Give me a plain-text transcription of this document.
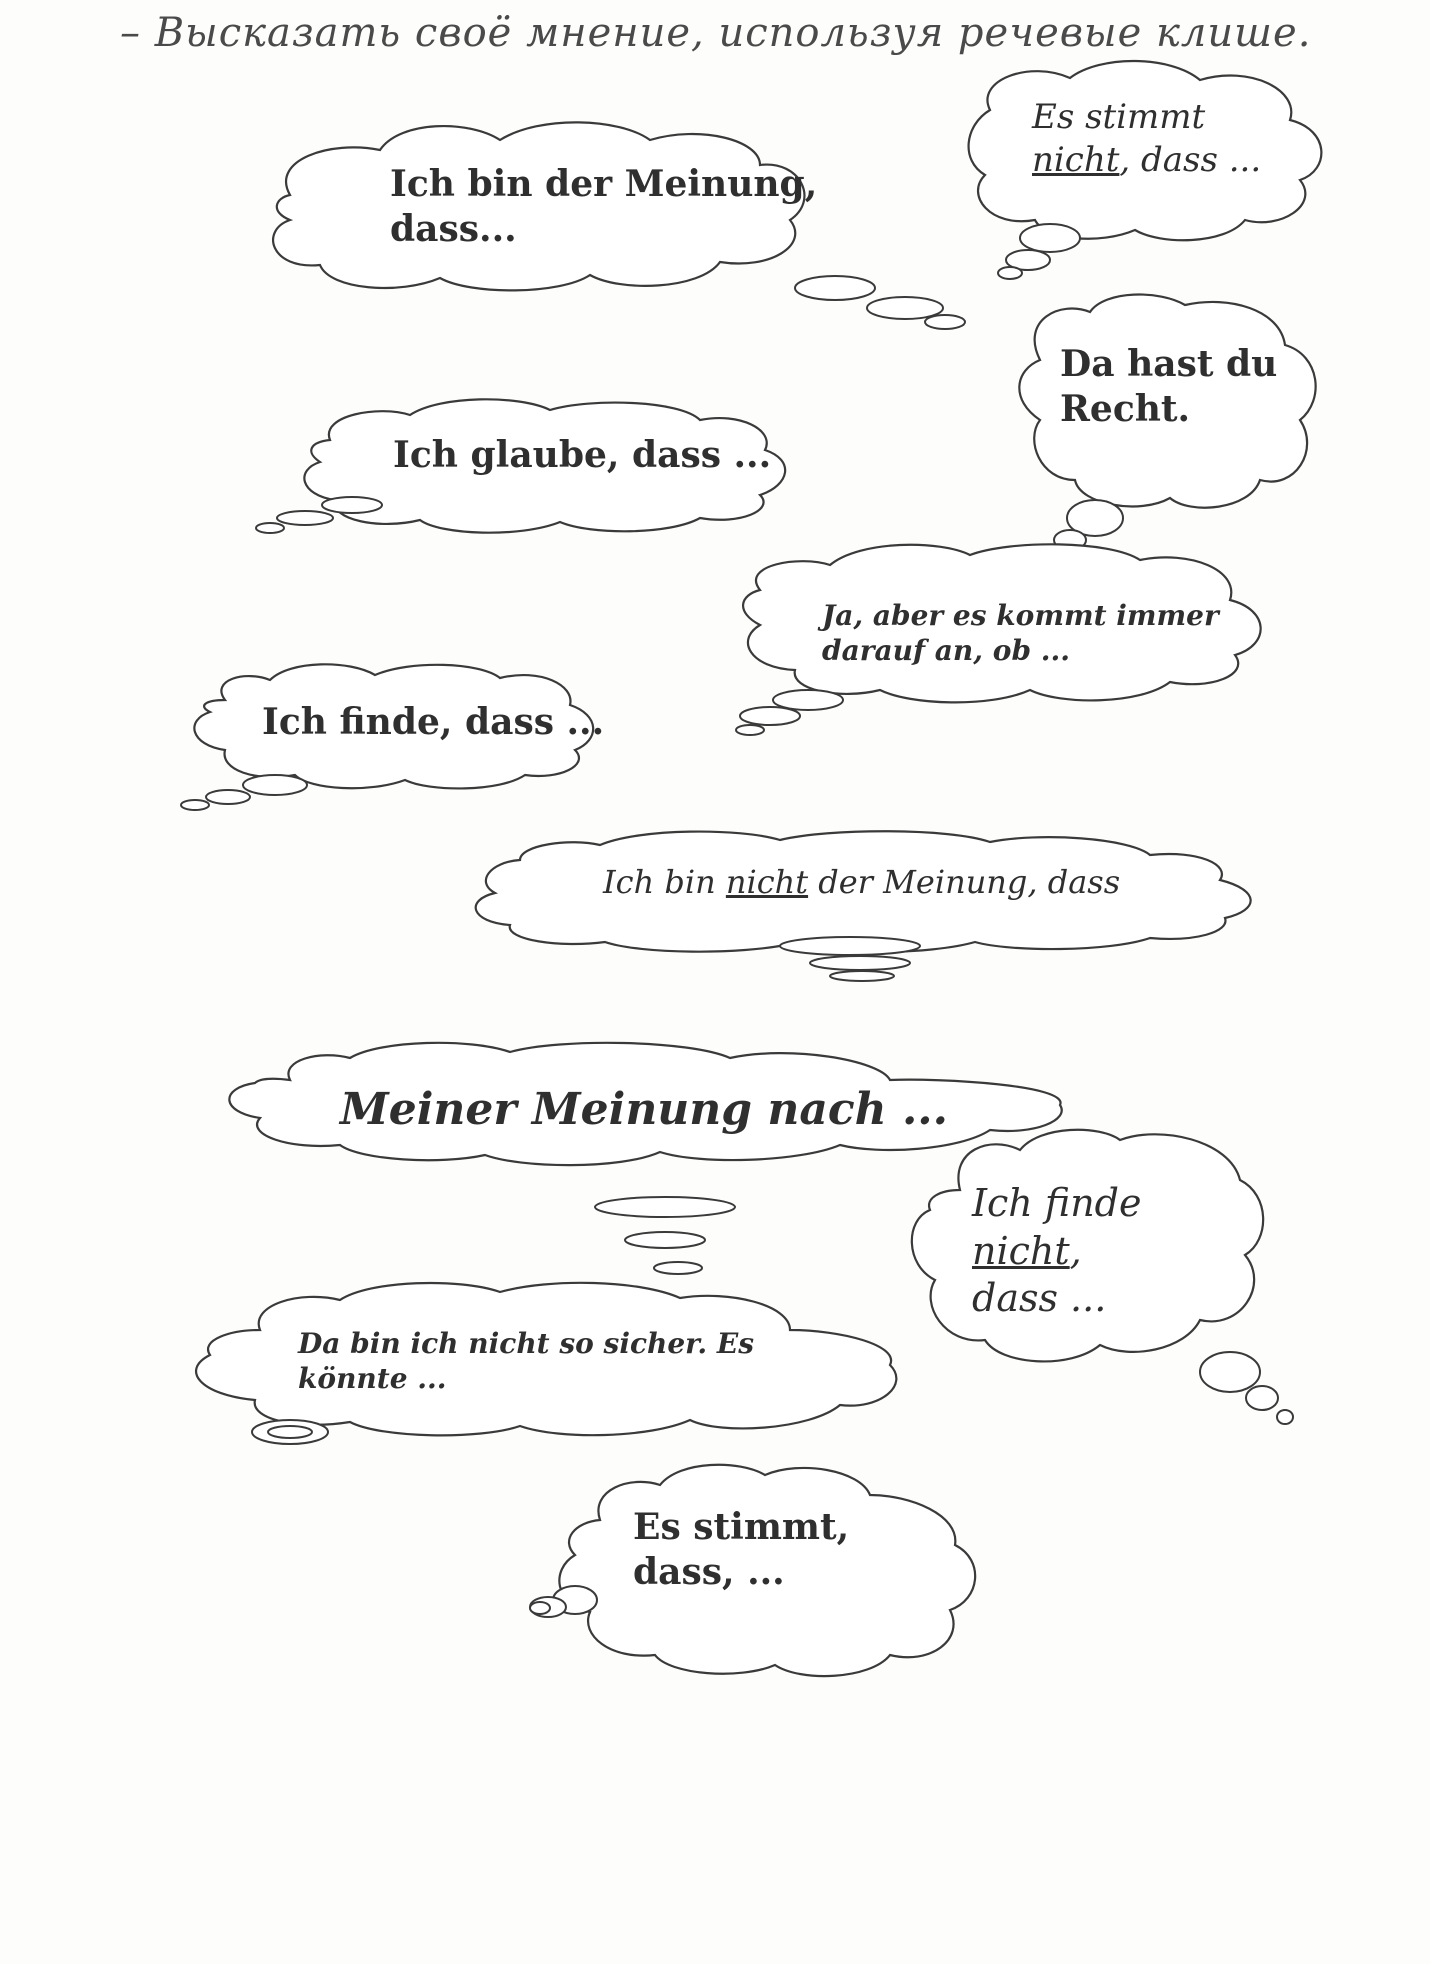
– Высказать своё мнение, используя речевые клише.
Ich bin der Meinung,
dass...
Es stimmt
nicht, dass ...
Da hast du
Recht.
Ich glaube, dass ...
Ja, aber es kommt immer
darauf an, ob ...
Ich finde, dass ...
Ich bin nicht der Meinung, dass
Meiner Meinung nach ...
Ich finde
nicht,
dass ...
Da bin ich nicht so sicher. Es
könnte ...
Es stimmt,
dass, ...
